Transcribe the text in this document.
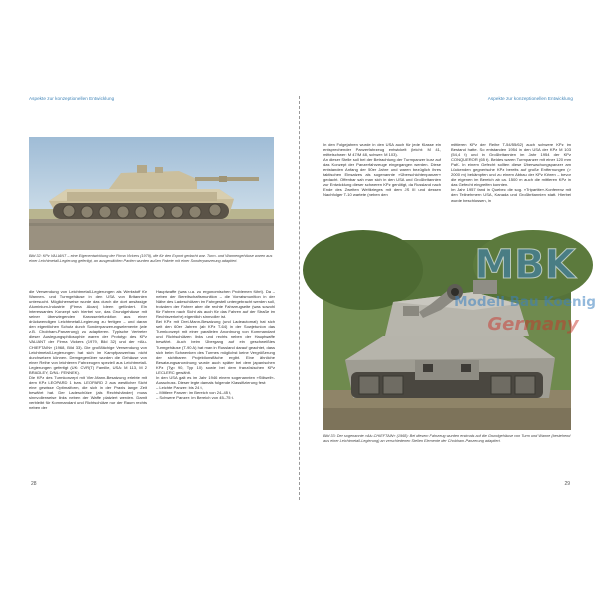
Aspekte zur konzeptionellen Entwicklung
Bild 32: KPz VALIANT – eine Eigenentwicklung der Firma Vickers (1979), die für den Export gedacht war. Turm- und Wannengehäuse waren aus einer Leichtmetall-Legierung gefertigt, an ausgewählten Partien wurden außen Pakete mit einer Sonderpanzerung adaptiert.

die Verwendung von Leichtmetall-Legierungen als Werkstoff für Wannen- und Turmgehäuse in den USA von Britannien untersucht. Möglicherweise wurde das durch die dort ansässige Aluminium-Industrie (Firma Alcan) Ideen gefördert. Ein interessantes Konzept sah hierbei vor, das Grundgehäuse mit seiner überwiegenden Karosseriefunktion aus einer drückwendigen Leichtmetall-Legierung zu fertigen – und daran den eigentlichen Schutz durch Sonderpanzerungselemente (wie z.B. Chobham-Panzerung) zu adaptieren. Typische Vertreter dieser Auslegungsphilosophie waren der Prototyp des KPz VALIANT der Firma Vickers (1979, Bild 32) und der »Alu-CHIEFTAIN« (1968, Bild 33). Die großflächige Verwendung von Leichtmetall-Legierungen hat sich im Kampfpanzerbau nicht durchsetzen können. Demgegenüber wurden die Gehäuse von einer Reihe von leichteren Fahrzeugen speziell aus Leichtmetall-Legierungen gefertigt (UK: CVR(T) Familie, USA: M 113, M 2 BRADLEY, D/NL: FENNEK).

Die KPz des Turmkonzept mit Vier-Mann-Besatzung erlebte mit dem KPz LEOPARD 1 bzw. LEOPARD 2 aus westlicher Sicht eine gewisse Optimalform, die sich in der Praxis lange Zeit bewährt hat. Der Ladeschütze (als Rechtshänder) muss sinnvollerweise links neben der Waffe platziert werden. Damit verbleibt für Kommandant und Richtschütze nur der Raum rechts neben der

Hauptwaffe (was u.a. zu ergonomischen Problemen führt). Da – neben der Bereitschaftsmunition – die Vorratsmunition in der Nähe des Ladeschützen im Fahrgestell untergebracht werden soll, trotzdem der Fahrer aber die rechte Fahrzeugseite (was sowohl für Fahren nach Sicht als auch für das Fahren auf der Straße im Rechtsverkehr) eigentlich sinnvoller ist.

Bei KPz mit Drei-Mann-Besatzung (und Ladeautomat) hat sich seit den 60er Jahren (ab KPz T-64) in der Sowjetunion das Turmkonzept mit einer parallelen Anordnung von Kommandant und Richtschützen links und rechts neben der Hauptwaffe bewährt. Auch beim Übergang auf ein geschweißtes Turmgehäuse (T-90 A) hat man in Russland darauf geachtet, dass sich beim Schwenken des Turmes möglichst keine Vergrößerung der sichtbaren Projektionsfläche ergibt. Eine ähnliche Besatzungsanordnung wurde auch später bei dem japanischen KPz (Typ 90, Typ 10) sowie bei dem französischen KPz LECLERC gewählt.

In den USA galt es im Jahr 1946 einem sogenannten »Stilwell«-Ausschuss. Dieser legte damals folgende Klassifizierung fest:

– Leichte Panzer: bis 24 t,
– Mittlere Panzer: im Bereich von 24–45 t,
– Schwere Panzer: im Bereich von 45–75 t.
28
Aspekte zur konzeptionellen Entwicklung

In den Folgejahren wurde in den USA auch für jede Klasse ein entsprechender Panzerfahrzeug entwickelt (leicht: M 41, mittelschwer: M 47/M 48, schwer: M 103).

An dieser Stelle soll bei der Betrachtung der Turmpanzer kurz auf das Konzept der Panzerfahrzeuge eingegangen werden. Diese entstanden Anfang der 50er Jahre und waren bezüglich ihres taktischen Einsatzes als sogenannte »Überschichtenpanzer« gedacht. Offenbar sah man sich in den USA und Großbritannien zur Entwicklung dieser schweren KPz genötigt, da Russland nach Ende des Zweiten Weltkrieges mit dem JS III und dessen Nachfolger T-10 wartete (neben den

mittleren KPz der Reihe T-54/55/62) auch schwere KPz im Bestand hatte. So entstanden 1954 in den USA der KPz M 103 (54,4 t) und in Großbritannien im Jahr 1954 der KPz CONQUEROR (65 t). Beides waren Turmpanzer mit einer 120 mm PaK. In einem Gefecht sollten diese Überwachungspanzer am Lückenden gegnerische KPz bereits auf große Entfernungen (> 2000 m) bekämpfen und zu einem Abbau der KPz führen – bevor die eigenen im Bereich ab ca. 1500 m auch die mittleren KPz in das Gefecht eingreifen konnten.

Im Jahr 1957 fand in Quebec die sog. »Tripartite«-Konferenz mit den Teilnehmern USA, Kanada und Großbritannien statt. Hierbei wurde beschlossen, in

Bild 33: Der sogenannte »Alu-CHIEFTAIN« (1968): Bei diesem Fahrzeug wurden erstmals auf die Grundgehäuse von Turm und Wanne (bestehend aus einer Leichtmetall-Legierung) an verschiedenen Stellen Elemente der Chobham-Panzerung adaptiert.
29
MBK
Modell Bau Koenig
Germany
